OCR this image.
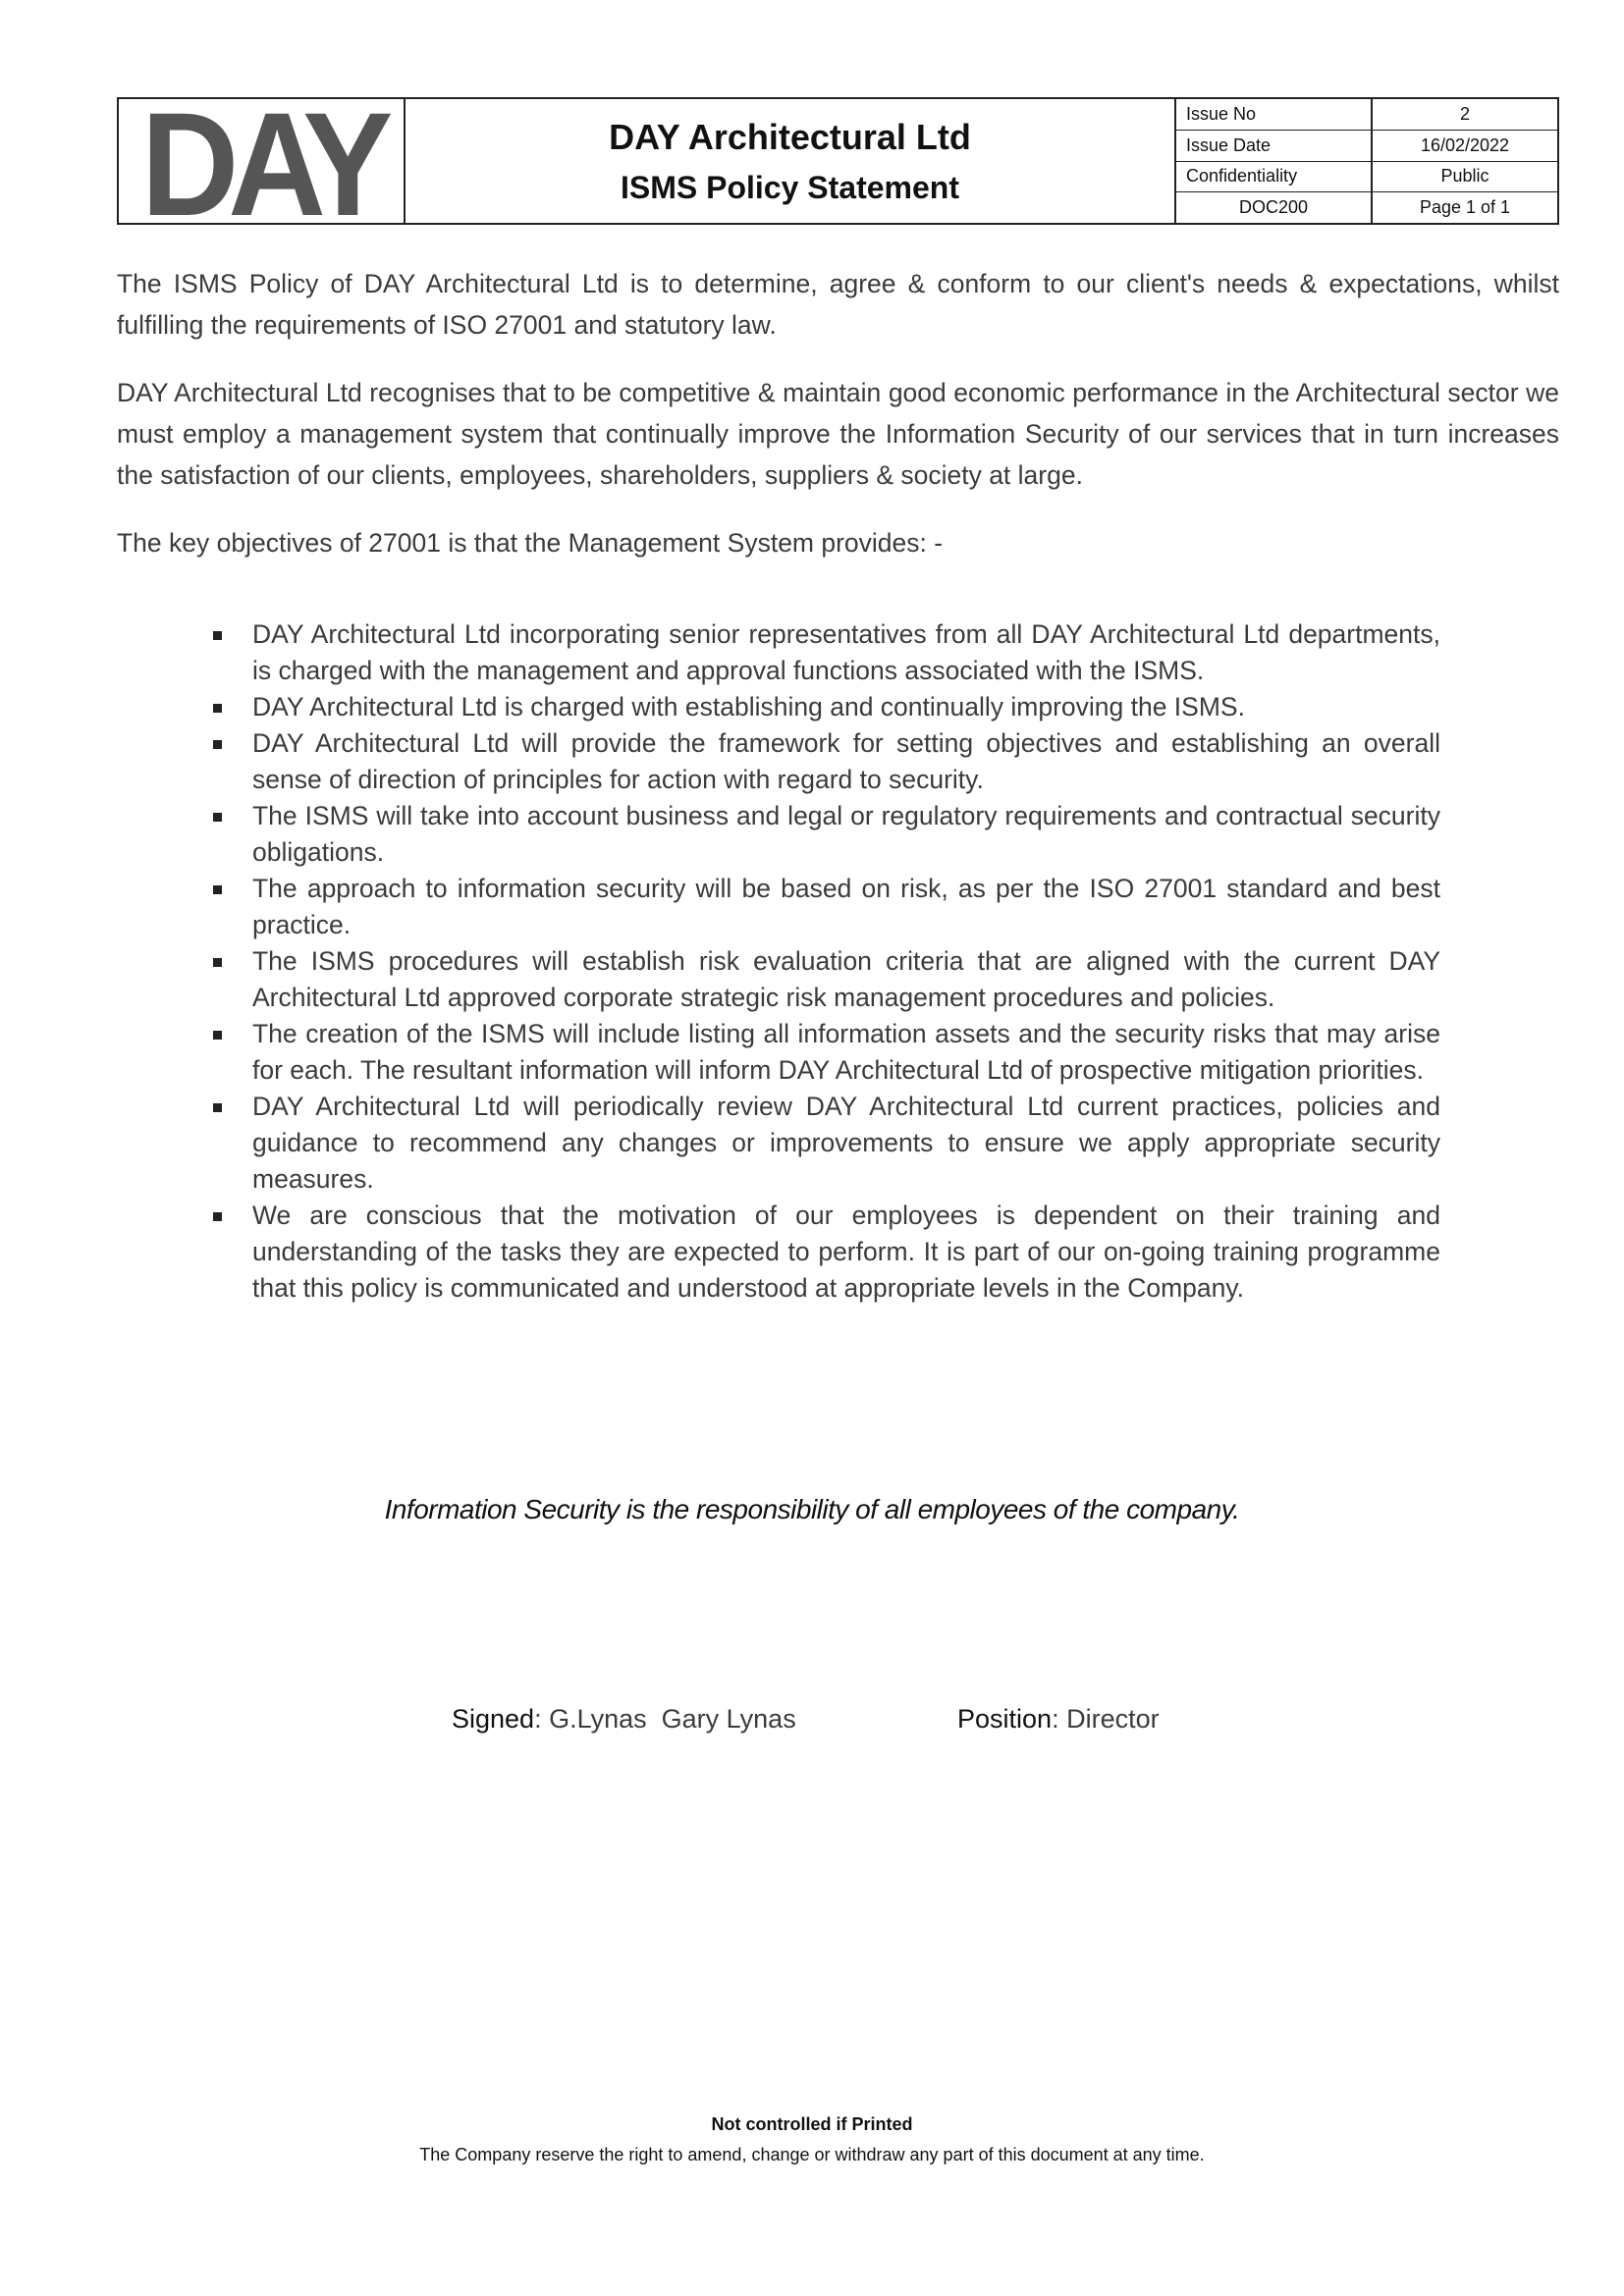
DAY	DAY Architectural Ltd
ISMS Policy Statement
Issue No	2
Issue Date	16/02/2022
Confidentiality	Public
DOC200	Page 1 of 1

The ISMS Policy of DAY Architectural Ltd is to determine, agree & conform to our client's needs & expectations, whilst fulfilling the requirements of ISO 27001 and statutory law.

DAY Architectural Ltd recognises that to be competitive & maintain good economic performance in the Architectural sector we must employ a management system that continually improve the Information Security of our services that in turn increases the satisfaction of our clients, employees, shareholders, suppliers & society at large.

The key objectives of 27001 is that the Management System provides: -

DAY Architectural Ltd incorporating senior representatives from all DAY Architectural Ltd departments, is charged with the management and approval functions associated with the ISMS.
DAY Architectural Ltd is charged with establishing and continually improving the ISMS.
DAY Architectural Ltd will provide the framework for setting objectives and establishing an overall sense of direction of principles for action with regard to security.
The ISMS will take into account business and legal or regulatory requirements and contractual security obligations.
The approach to information security will be based on risk, as per the ISO 27001 standard and best practice.
The ISMS procedures will establish risk evaluation criteria that are aligned with the current DAY Architectural Ltd approved corporate strategic risk management procedures and policies.
The creation of the ISMS will include listing all information assets and the security risks that may arise for each. The resultant information will inform DAY Architectural Ltd of prospective mitigation priorities.
DAY Architectural Ltd will periodically review DAY Architectural Ltd current practices, policies and guidance to recommend any changes or improvements to ensure we apply appropriate security measures.
We are conscious that the motivation of our employees is dependent on their training and understanding of the tasks they are expected to perform. It is part of our on-going training programme that this policy is communicated and understood at appropriate levels in the Company.
Information Security is the responsibility of all employees of the company.
Signed: G.Lynas  Gary Lynas	Position: Director
Not controlled if Printed
The Company reserve the right to amend, change or withdraw any part of this document at any time.
